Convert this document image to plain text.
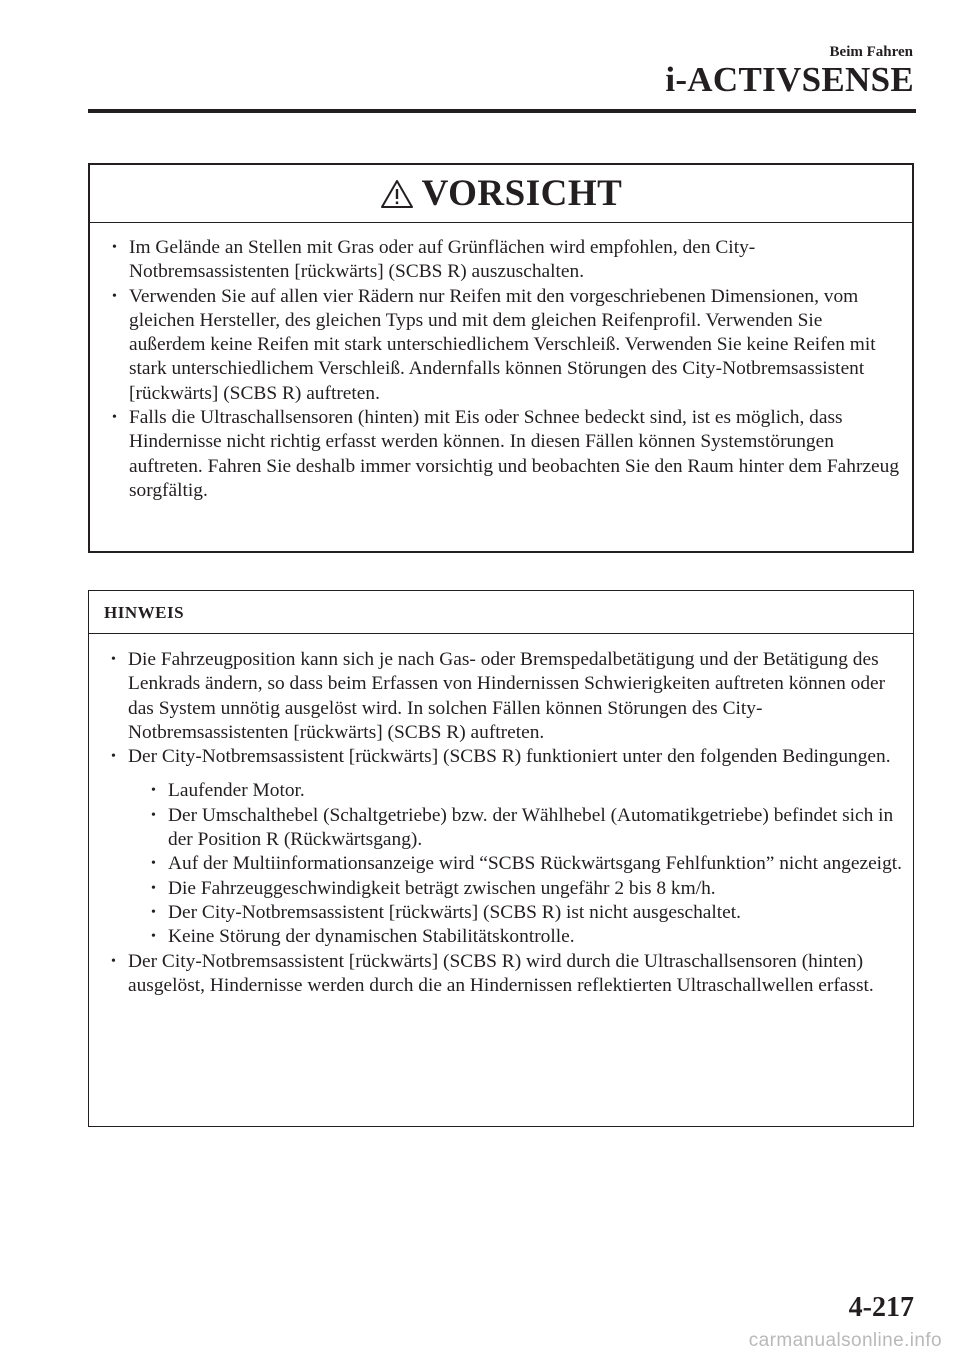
Beim Fahren
i-ACTIVSENSE
VORSICHT
• Im Gelände an Stellen mit Gras oder auf Grünflächen wird empfohlen, den City-Notbremsassistenten [rückwärts] (SCBS R) auszuschalten.
• Verwenden Sie auf allen vier Rädern nur Reifen mit den vorgeschriebenen Dimensionen, vom gleichen Hersteller, des gleichen Typs und mit dem gleichen Reifenprofil. Verwenden Sie außerdem keine Reifen mit stark unterschiedlichem Verschleiß. Verwenden Sie keine Reifen mit stark unterschiedlichem Verschleiß. Andernfalls können Störungen des City-Notbremsassistent [rückwärts] (SCBS R) auftreten.
• Falls die Ultraschallsensoren (hinten) mit Eis oder Schnee bedeckt sind, ist es möglich, dass Hindernisse nicht richtig erfasst werden können. In diesen Fällen können Systemstörungen auftreten. Fahren Sie deshalb immer vorsichtig und beobachten Sie den Raum hinter dem Fahrzeug sorgfältig.
HINWEIS
• Die Fahrzeugposition kann sich je nach Gas- oder Bremspedalbetätigung und der Betätigung des Lenkrads ändern, so dass beim Erfassen von Hindernissen Schwierigkeiten auftreten können oder das System unnötig ausgelöst wird. In solchen Fällen können Störungen des City-Notbremsassistenten [rückwärts] (SCBS R) auftreten.
• Der City-Notbremsassistent [rückwärts] (SCBS R) funktioniert unter den folgenden Bedingungen.
• Laufender Motor.
• Der Umschalthebel (Schaltgetriebe) bzw. der Wählhebel (Automatikgetriebe) befindet sich in der Position R (Rückwärtsgang).
• Auf der Multiinformationsanzeige wird “SCBS Rückwärtsgang Fehlfunktion” nicht angezeigt.
• Die Fahrzeuggeschwindigkeit beträgt zwischen ungefähr 2 bis 8 km/h.
• Der City-Notbremsassistent [rückwärts] (SCBS R) ist nicht ausgeschaltet.
• Keine Störung der dynamischen Stabilitätskontrolle.
• Der City-Notbremsassistent [rückwärts] (SCBS R) wird durch die Ultraschallsensoren (hinten) ausgelöst, Hindernisse werden durch die an Hindernissen reflektierten Ultraschallwellen erfasst.
4-217
carmanualsonline.info
